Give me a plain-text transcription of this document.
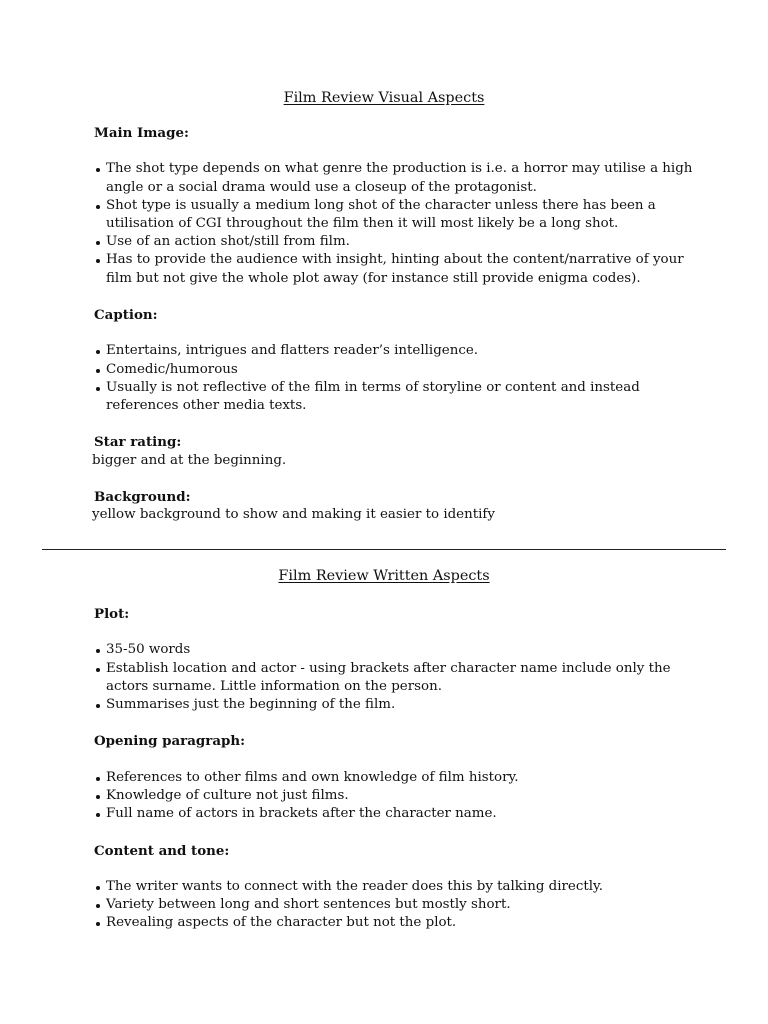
Film Review Visual Aspects

Main Image:

The shot type depends on what genre the production is i.e. a horror may utilise a high angle or a social drama would use a closeup of the protagonist.
Shot type is usually a medium long shot of the character unless there has been a utilisation of CGI throughout the film then it will most likely be a long shot.
Use of an action shot/still from film.
Has to provide the audience with insight, hinting about the content/narrative of your film but not give the whole plot away (for instance still provide enigma codes).

Caption:

Entertains, intrigues and flatters reader’s intelligence.
Comedic/humorous
Usually is not reflective of the film in terms of storyline or content and instead references other media texts.

Star rating:

bigger and at the beginning.

Background:

yellow background to show and making it easier to identify

Film Review Written Aspects

Plot:

35-50 words
Establish location and actor - using brackets after character name include only the actors surname. Little information on the person.
Summarises just the beginning of the film.

Opening paragraph:

References to other films and own knowledge of film history.
Knowledge of culture not just films.
Full name of actors in brackets after the character name.

Content and tone:

The writer wants to connect with the reader does this by talking directly.
Variety between long and short sentences but mostly short.
Revealing aspects of the character but not the plot.
